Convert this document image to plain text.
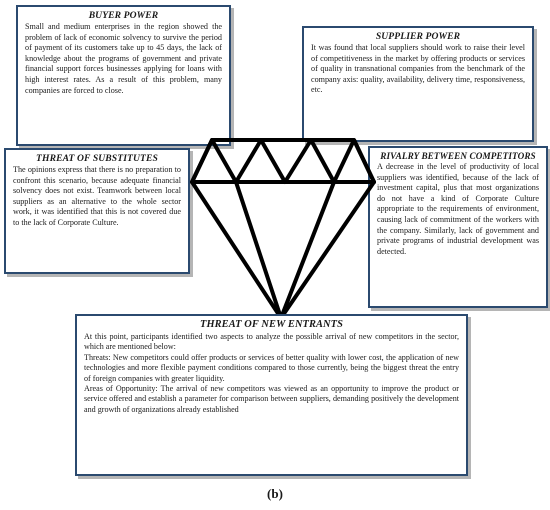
BUYER POWER

Small and medium enterprises in the region showed the problem of lack of economic solvency to survive the period of payment of its customers take up to 45 days, the lack of knowledge about the programs of government and private financial support forces businesses applying for loans with high interest rates. As a result of this problem, many companies are forced to close.

SUPPLIER POWER

It was found that local suppliers should work to raise their level of competitiveness in the market by offering products or services of quality in transnational companies from the benchmark of the company axis: quality, availability, delivery time, responsiveness, etc.

THREAT OF SUBSTITUTES

The opinions express that there is no preparation to confront this scenario, because adequate financial solvency does not exist. Teamwork between local suppliers as an alternative to the whole sector work, it was identified that this is not covered due to the lack of Corporate Culture.

RIVALRY BETWEEN COMPETITORS

A decrease in the level of productivity of local suppliers was identified, because of the lack of investment capital, plus that most organizations do not have a kind of Corporate Culture appropriate to the requirements of environment, causing lack of commitment of the workers with the company. Similarly, lack of government and private programs of industrial development was detected.

THREAT OF NEW ENTRANTS

At this point, participants identified two aspects to analyze the possible arrival of new competitors in the sector, which are mentioned below:

Threats: New competitors could offer products or services of better quality with lower cost, the application of new technologies and more flexible payment conditions compared to those currently, being the biggest threat the entry of foreign companies with greater liquidity.

Areas of Opportunity: The arrival of new competitors was viewed as an opportunity to improve the product or service offered and establish a parameter for comparison between suppliers, demanding positively the development and growth of organizations already established

(b)
